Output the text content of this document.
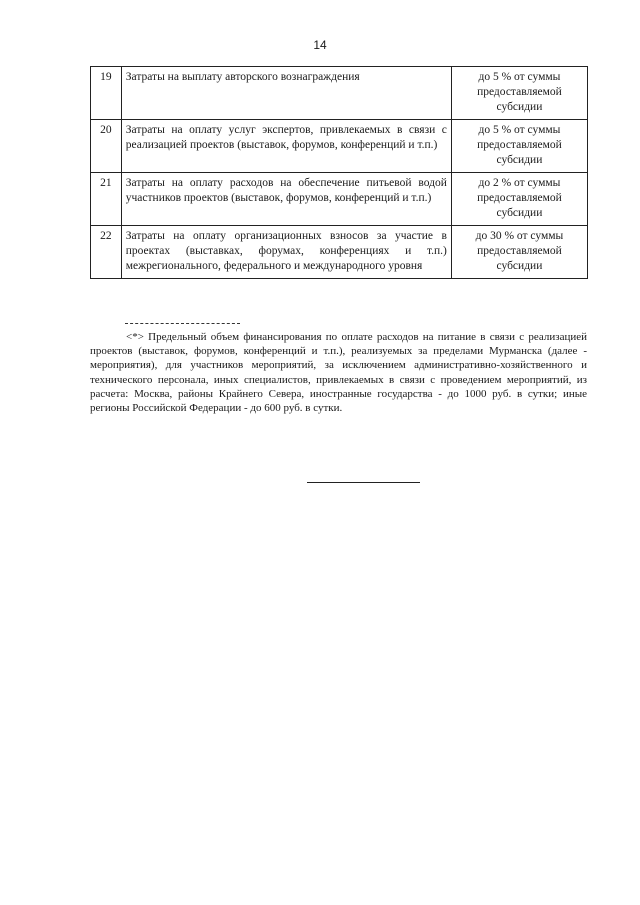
14
19	Затраты на выплату авторского вознаграждения	до 5 % от суммы предоставляемой субсидии
20	Затраты на оплату услуг экспертов, привлекаемых в связи с реализацией проектов (выставок, форумов, конференций и т.п.)	до 5 % от суммы предоставляемой субсидии
21	Затраты на оплату расходов на обеспечение питьевой водой участников проектов (выставок, форумов, конференций и т.п.)	до 2 % от суммы предоставляемой субсидии
22	Затраты на оплату организационных взносов за участие в проектах (выставках, форумах, конференциях и т.п.) межрегионального, федерального и международного уровня	до 30 % от суммы предоставляемой субсидии

<*> Предельный объем финансирования по оплате расходов на питание в связи с реализацией проектов (выставок, форумов, конференций и т.п.), реализуемых за пределами Мурманска (далее - мероприятия), для участников мероприятий, за исключением административно-хозяйственного и технического персонала, иных специалистов, привлекаемых в связи с проведением мероприятий, из расчета: Москва, районы Крайнего Севера, иностранные государства - до 1000 руб. в сутки; иные регионы Российской Федерации - до 600 руб. в сутки.
